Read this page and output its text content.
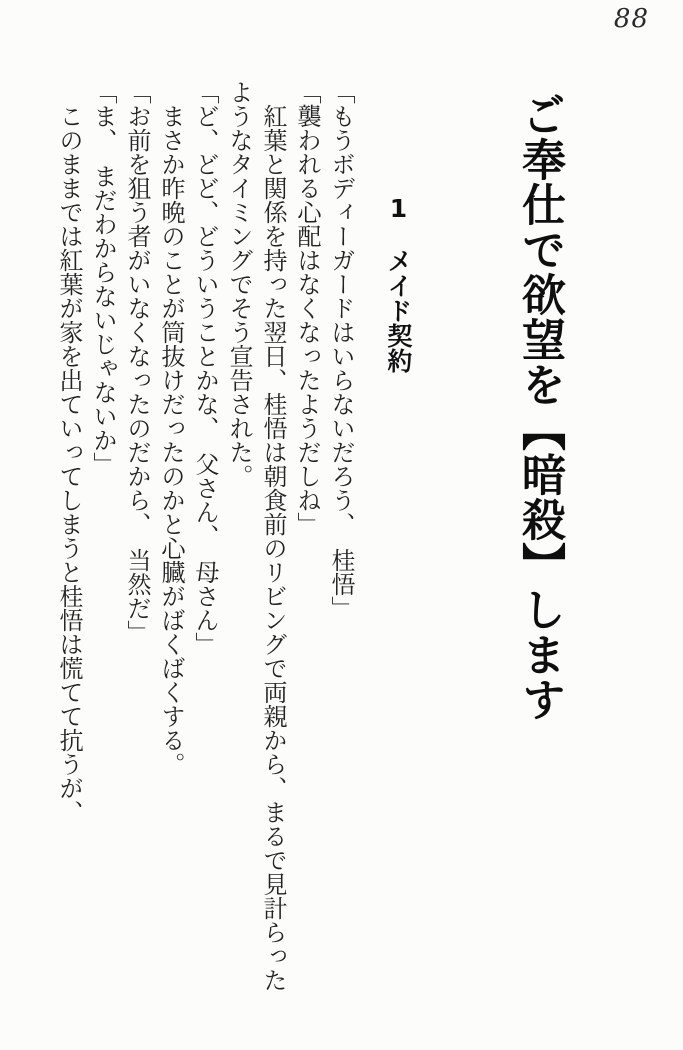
88
ご奉仕で欲望を【暗殺】します
1　メイド契約

「もうボディーガードはいらないだろう、　桂悟」

「襲われる心配はなくなったようだしね」

　紅葉と関係を持った翌日、桂悟は朝食前のリビングで両親から、まるで見計らった

ようなタイミングでそう宣告された。

「ど、どど、どういうことかな、　父さん、　母さん」

　まさか昨晩のことが筒抜けだったのかと心臓がばくばくする。

「お前を狙う者がいなくなったのだから、　当然だ」

「ま、　まだわからないじゃないか」

　このままでは紅葉が家を出ていってしまうと桂悟は慌てて抗うが、
